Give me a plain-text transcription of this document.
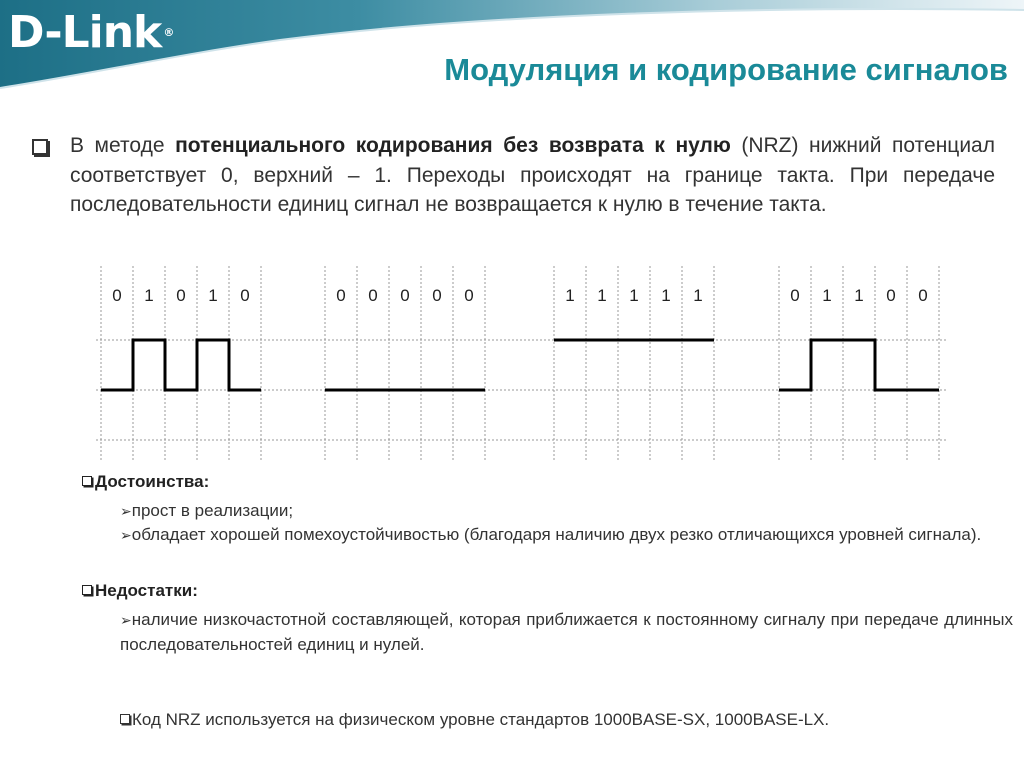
D-Link ®
Модуляция и кодирование сигналов

В методе потенциального кодирования без возврата к нулю (NRZ) нижний потенциал соответствует 0, верхний – 1. Переходы происходят на границе такта. При передаче последовательности единиц сигнал не возвращается к нулю в течение такта.

0 1 0 1 0	0 0 0 0 0	1 1 1 1 1	0 1 1 0 0
Достоинства:
➢прост в реализации;
➢обладает хорошей помехоустойчивостью (благодаря наличию двух резко отличающихся уровней сигнала).
Недостатки:
➢наличие низкочастотной составляющей, которая приближается к постоянному сигналу при передаче длинных последовательностей единиц и нулей.
Код NRZ используется на физическом уровне стандартов 1000BASE-SX, 1000BASE-LX.
